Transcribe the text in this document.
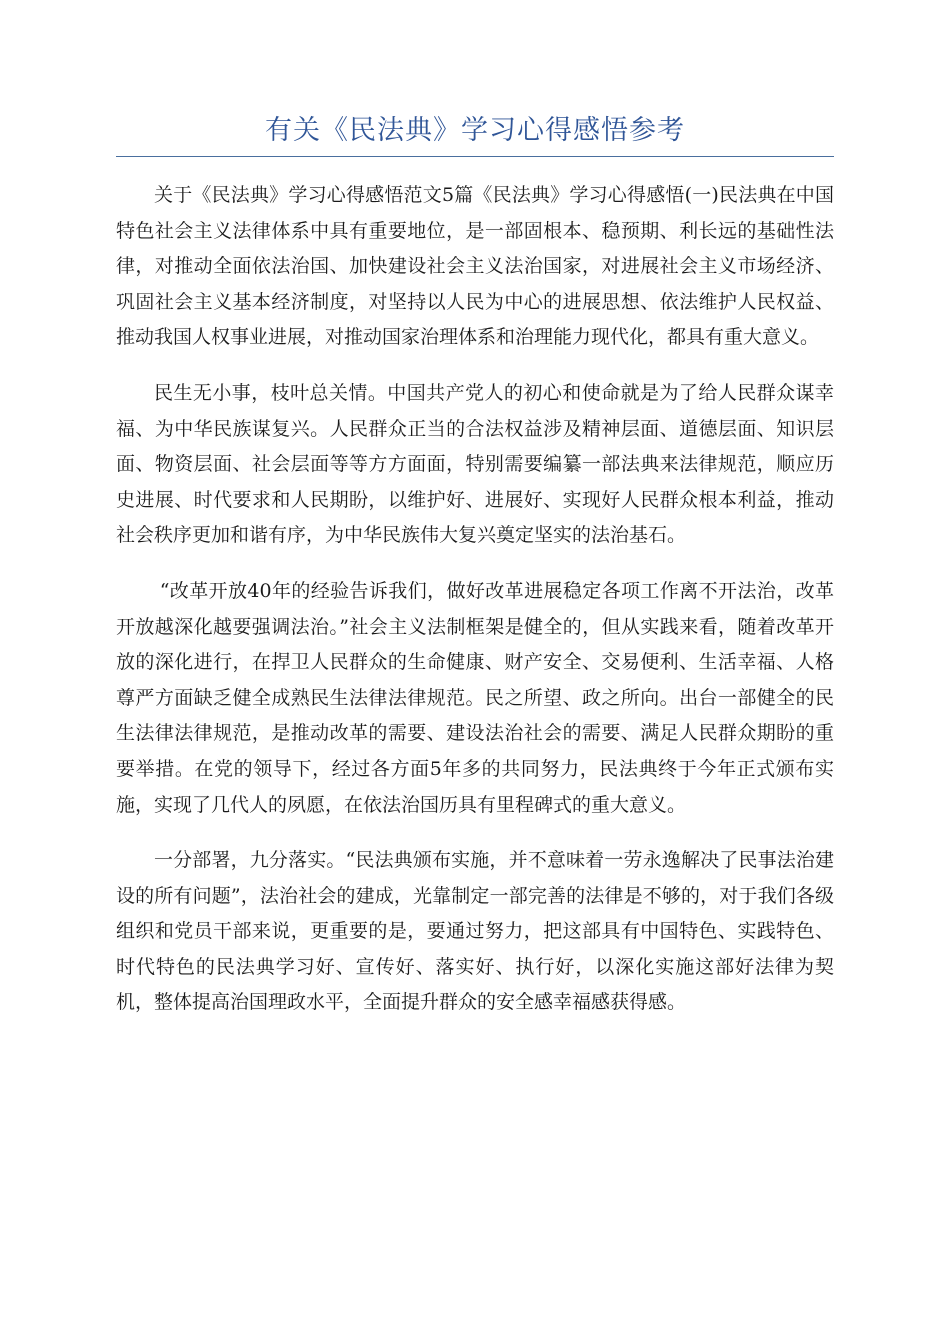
有关《民法典》学习心得感悟参考

关于《民法典》学习心得感悟范文5篇《民法典》学习心得感悟(一)民法典在中国特色社会主义法律体系中具有重要地位，是一部固根本、稳预期、利长远的基础性法律，对推动全面依法治国、加快建设社会主义法治国家，对进展社会主义市场经济、巩固社会主义基本经济制度，对坚持以人民为中心的进展思想、依法维护人民权益、推动我国人权事业进展，对推动国家治理体系和治理能力现代化，都具有重大意义。

民生无小事，枝叶总关情。中国共产党人的初心和使命就是为了给人民群众谋幸福、为中华民族谋复兴。人民群众正当的合法权益涉及精神层面、道德层面、知识层面、物资层面、社会层面等等方方面面，特别需要编纂一部法典来法律规范，顺应历史进展、时代要求和人民期盼，以维护好、进展好、实现好人民群众根本利益，推动社会秩序更加和谐有序，为中华民族伟大复兴奠定坚实的法治基石。

“改革开放40年的经验告诉我们，做好改革进展稳定各项工作离不开法治，改革开放越深化越要强调法治。”社会主义法制框架是健全的，但从实践来看，随着改革开放的深化进行，在捍卫人民群众的生命健康、财产安全、交易便利、生活幸福、人格尊严方面缺乏健全成熟民生法律法律规范。民之所望、政之所向。出台一部健全的民生法律法律规范，是推动改革的需要、建设法治社会的需要、满足人民群众期盼的重要举措。在党的领导下，经过各方面5年多的共同努力，民法典终于今年正式颁布实施，实现了几代人的夙愿，在依法治国历具有里程碑式的重大意义。

一分部署，九分落实。“民法典颁布实施，并不意味着一劳永逸解决了民事法治建设的所有问题”，法治社会的建成，光靠制定一部完善的法律是不够的，对于我们各级组织和党员干部来说，更重要的是，要通过努力，把这部具有中国特色、实践特色、时代特色的民法典学习好、宣传好、落实好、执行好，以深化实施这部好法律为契机，整体提高治国理政水平，全面提升群众的安全感幸福感获得感。
